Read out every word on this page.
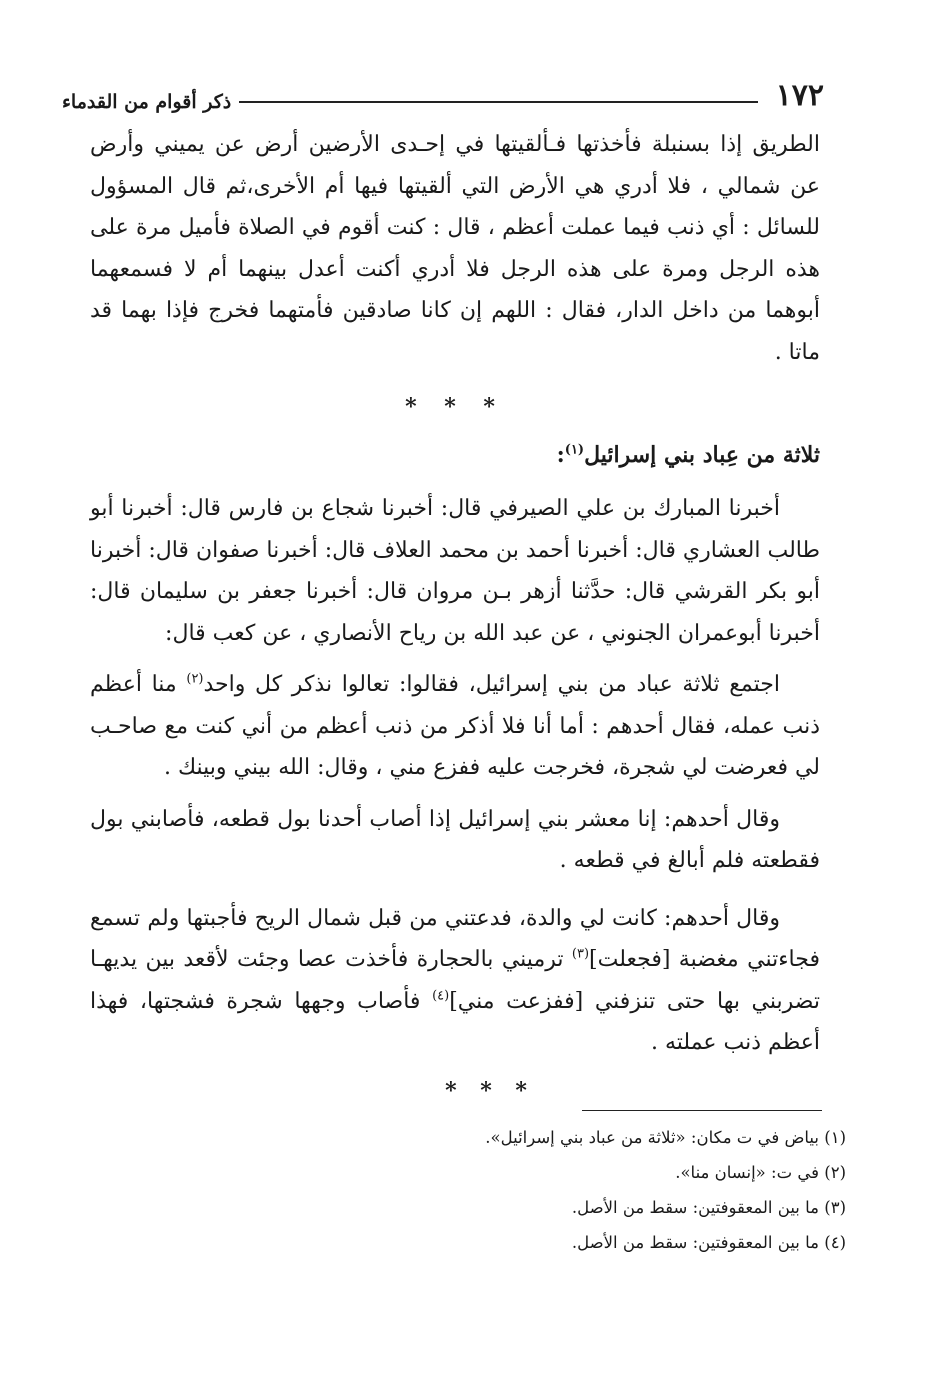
١٧٢
ذكر أقوام من القدماء

الطريق إذا بسنبلة فأخذتها فـألقيتها في إحـدى الأرضين أرض عن يميني وأرض عن شمالي ، فلا أدري هي الأرض التي ألقيتها فيها أم الأخرى،ثم قال المسؤول للسائل : أي ذنب فيما عملت أعظم ، قال : كنت أقوم في الصلاة فأميل مرة على هذه الرجل ومرة على هذه الرجل فلا أدري أكنت أعدل بينهما أم لا فسمعهما أبوهما من داخل الدار، فقال : اللهم إن كانا صادقين فأمتهما فخرج فإذا بهما قد ماتا .

* * *

ثلاثة من عِباد بني إسرائيل$^{(١)}$:

أخبرنا المبارك بن علي الصيرفي قال: أخبرنا شجاع بن فارس قال: أخبرنا أبو طالب العشاري قال: أخبرنا أحمد بن محمد العلاف قال: أخبرنا صفوان قال: أخبرنا أبو بكر القرشي قال: حدَّثنا أزهر بـن مروان قال: أخبرنا جعفر بن سليمان قال: أخبرنا أبوعمران الجنوني ، عن عبد الله بن رياح الأنصاري ، عن كعب قال:

اجتمع ثلاثة عباد من بني إسرائيل، فقالوا: تعالوا نذكر كل واحد$^{(٢)}$ منا أعظم ذنب عمله، فقال أحدهم : أما أنا فلا أذكر من ذنب أعظم من أني كنت مع صاحـب لي فعرضت لي شجرة، فخرجت عليه ففزع مني ، وقال: الله بيني وبينك .

وقال أحدهم: إنا معشر بني إسرائيل إذا أصاب أحدنا بول قطعه، فأصابني بول فقطعته فلم أبالغ في قطعه .

وقال أحدهم: كانت لي والدة، فدعتني من قبل شمال الريح فأجبتها ولم تسمع فجاءتني مغضبة [فجعلت]$^{(٣)}$ ترميني بالحجارة فأخذت عصا وجئت لأقعد بين يديهـا تضربني بها حتى تنزفني [ففزعت مني]$^{(٤)}$ فأصاب وجهها شجرة فشجتها، فهذا أعظم ذنب عملته .

* * *

(١) بياض في ت مكان: «ثلاثة من عباد بني إسرائيل».

(٢) في ت: «إنسان منا».

(٣) ما بين المعقوفتين: سقط من الأصل.

(٤) ما بين المعقوفتين: سقط من الأصل.
